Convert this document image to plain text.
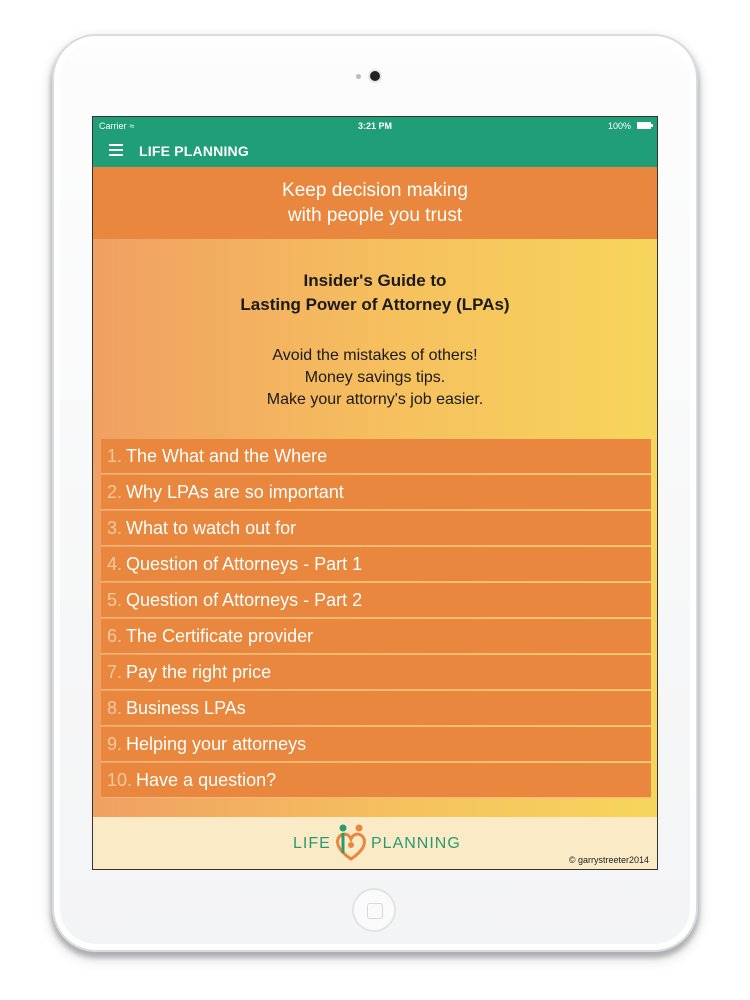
Carrier ≈	3:21 PM	100%
LIFE PLANNING
Keep decision making
with people you trust
Insider's Guide to
Lasting Power of Attorney (LPAs)
Avoid the mistakes of others!
Money savings tips.
Make your attorny's job easier.
1. The What and the Where
2. Why LPAs are so important
3. What to watch out for
4. Question of Attorneys - Part 1
5. Question of Attorneys - Part 2
6. The Certificate provider
7. Pay the right price
8. Business LPAs
9. Helping your attorneys
10. Have a question?
LIFE	PLANNING
© garrystreeter2014
